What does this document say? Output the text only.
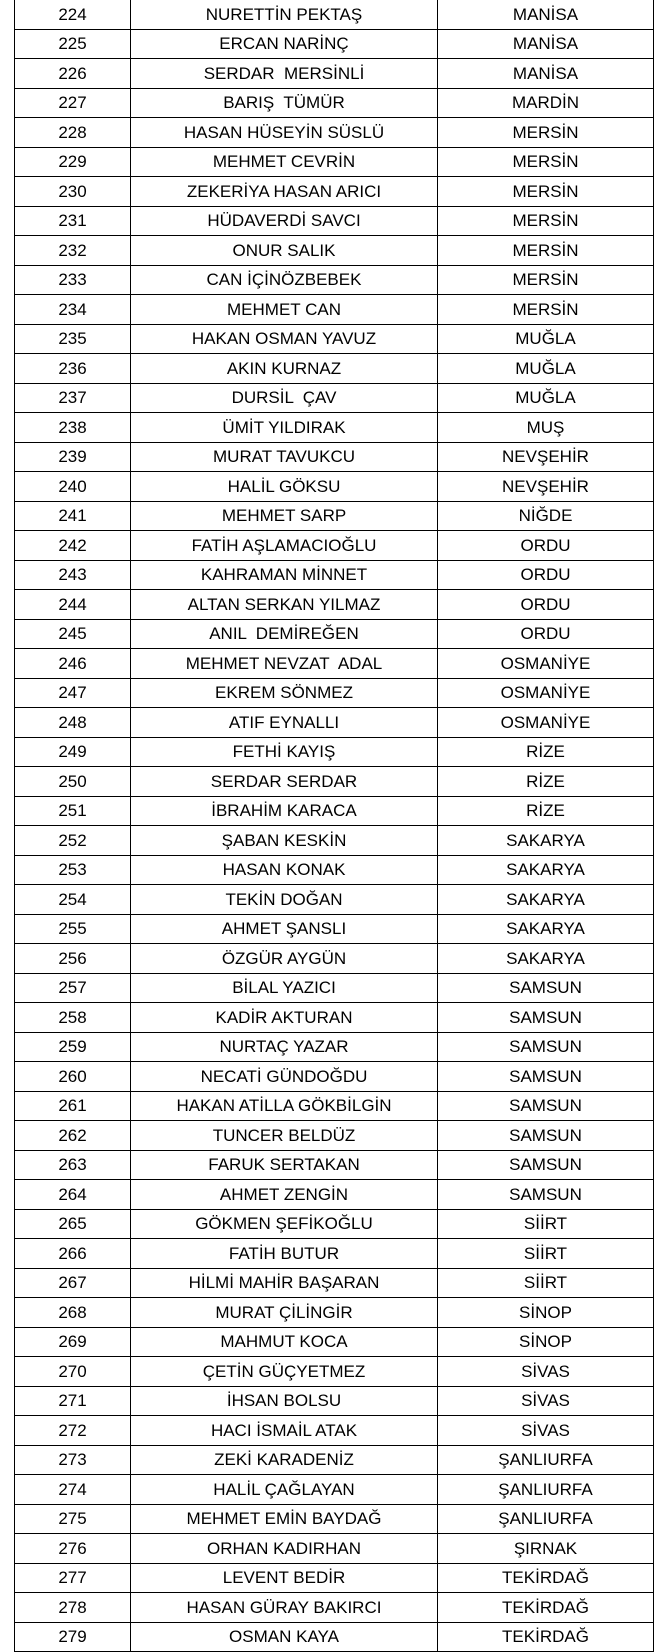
224	NURETTİN PEKTAŞ	MANİSA
225	ERCAN NARİNÇ	MANİSA
226	SERDAR  MERSİNLİ	MANİSA
227	BARIŞ  TÜMÜR	MARDİN
228	HASAN HÜSEYİN SÜSLÜ	MERSİN
229	MEHMET CEVRİN	MERSİN
230	ZEKERİYA HASAN ARICI	MERSİN
231	HÜDAVERDİ SAVCI	MERSİN
232	ONUR SALIK	MERSİN
233	CAN İÇİNÖZBEBEK	MERSİN
234	MEHMET CAN	MERSİN
235	HAKAN OSMAN YAVUZ	MUĞLA
236	AKIN KURNAZ	MUĞLA
237	DURSİL  ÇAV	MUĞLA
238	ÜMİT YILDIRAK	MUŞ
239	MURAT TAVUKCU	NEVŞEHİR
240	HALİL GÖKSU	NEVŞEHİR
241	MEHMET SARP	NİĞDE
242	FATİH AŞLAMACIOĞLU	ORDU
243	KAHRAMAN MİNNET	ORDU
244	ALTAN SERKAN YILMAZ	ORDU
245	ANIL  DEMİREĞEN	ORDU
246	MEHMET NEVZAT  ADAL	OSMANİYE
247	EKREM SÖNMEZ	OSMANİYE
248	ATIF EYNALLI	OSMANİYE
249	FETHİ KAYIŞ	RİZE
250	SERDAR SERDAR	RİZE
251	İBRAHİM KARACA	RİZE
252	ŞABAN KESKİN	SAKARYA
253	HASAN KONAK	SAKARYA
254	TEKİN DOĞAN	SAKARYA
255	AHMET ŞANSLI	SAKARYA
256	ÖZGÜR AYGÜN	SAKARYA
257	BİLAL YAZICI	SAMSUN
258	KADİR AKTURAN	SAMSUN
259	NURTAÇ YAZAR	SAMSUN
260	NECATİ GÜNDOĞDU	SAMSUN
261	HAKAN ATİLLA GÖKBİLGİN	SAMSUN
262	TUNCER BELDÜZ	SAMSUN
263	FARUK SERTAKAN	SAMSUN
264	AHMET ZENGİN	SAMSUN
265	GÖKMEN ŞEFİKOĞLU	SİİRT
266	FATİH BUTUR	SİİRT
267	HİLMİ MAHİR BAŞARAN	SİİRT
268	MURAT ÇİLİNGİR	SİNOP
269	MAHMUT KOCA	SİNOP
270	ÇETİN GÜÇYETMEZ	SİVAS
271	İHSAN BOLSU	SİVAS
272	HACI İSMAİL ATAK	SİVAS
273	ZEKİ KARADENİZ	ŞANLIURFA
274	HALİL ÇAĞLAYAN	ŞANLIURFA
275	MEHMET EMİN BAYDAĞ	ŞANLIURFA
276	ORHAN KADIRHAN	ŞIRNAK
277	LEVENT BEDİR	TEKİRDAĞ
278	HASAN GÜRAY BAKIRCI	TEKİRDAĞ
279	OSMAN KAYA	TEKİRDAĞ
